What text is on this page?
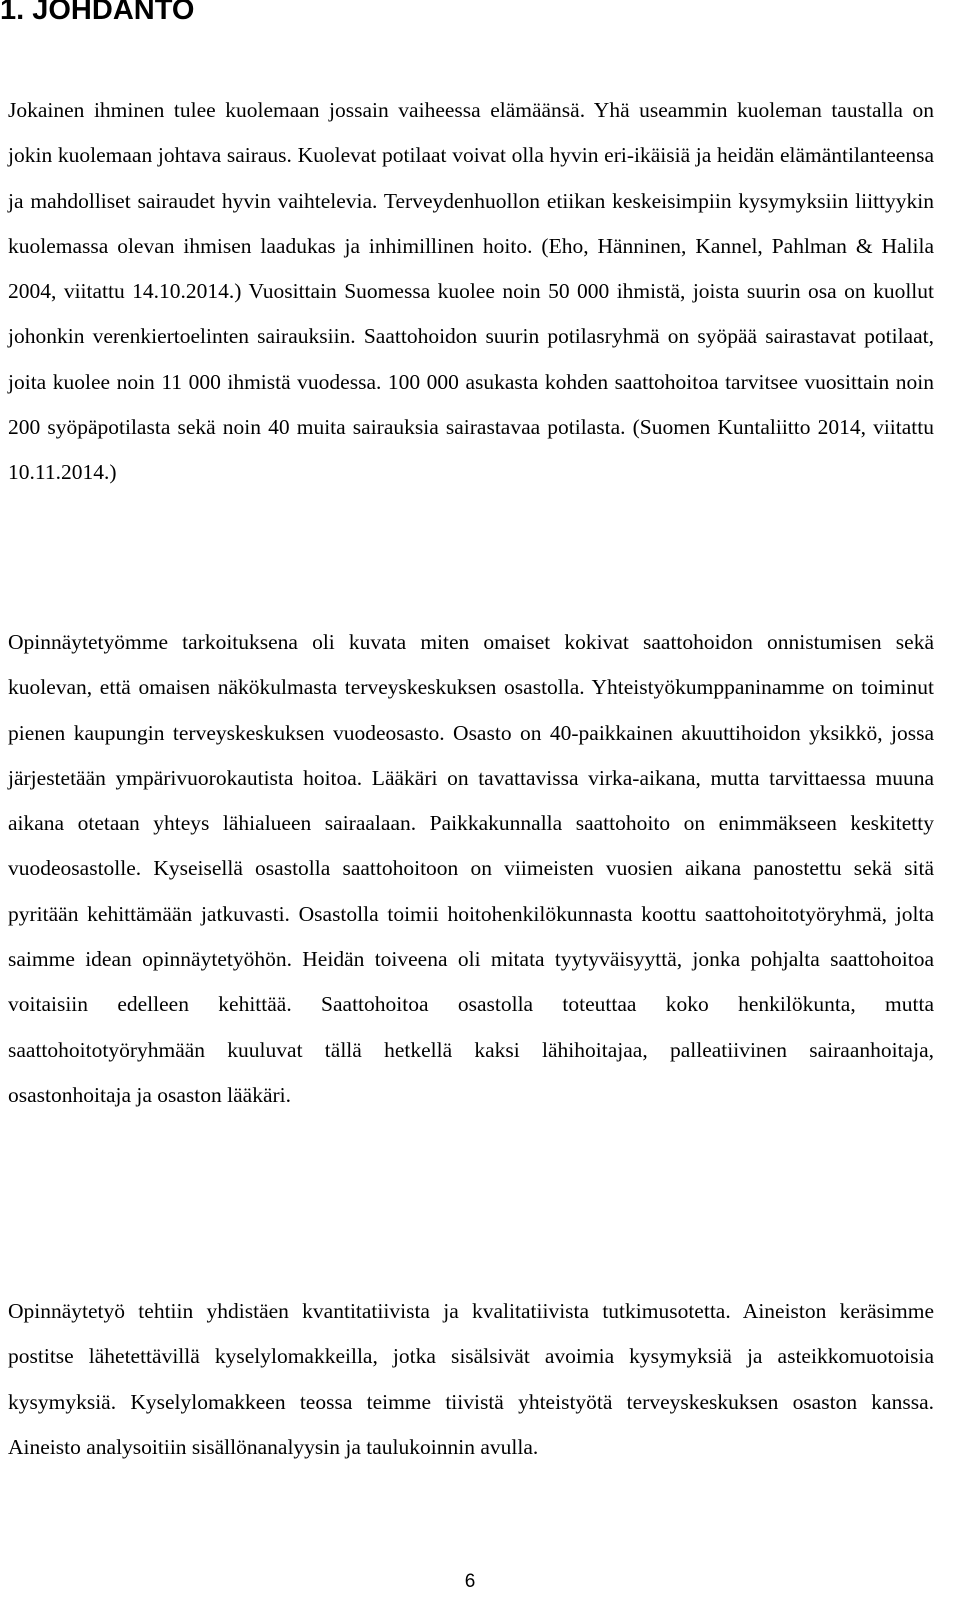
1. JOHDANTO

Jokainen ihminen tulee kuolemaan jossain vaiheessa elämäänsä. Yhä useammin kuoleman taustalla on jokin kuolemaan johtava sairaus. Kuolevat potilaat voivat olla hyvin eri-ikäisiä ja heidän elämäntilanteensa ja mahdolliset sairaudet hyvin vaihtelevia. Terveydenhuollon etiikan keskeisimpiin kysymyksiin liittyykin kuolemassa olevan ihmisen laadukas ja inhimillinen hoito. (Eho, Hänninen, Kannel, Pahlman & Halila 2004, viitattu 14.10.2014.) Vuosittain Suomessa kuolee noin 50 000 ihmistä, joista suurin osa on kuollut johonkin verenkiertoelinten sairauksiin. Saattohoidon suurin potilasryhmä on syöpää sairastavat potilaat, joita kuolee noin 11 000 ihmistä vuodessa. 100 000 asukasta kohden saattohoitoa tarvitsee vuosittain noin 200 syöpäpotilasta sekä noin 40 muita sairauksia sairastavaa potilasta. (Suomen Kuntaliitto 2014, viitattu 10.11.2014.)

Opinnäytetyömme tarkoituksena oli kuvata miten omaiset kokivat saattohoidon onnistumisen sekä kuolevan, että omaisen näkökulmasta terveyskeskuksen osastolla. Yhteistyökumppaninamme on toiminut pienen kaupungin terveyskeskuksen vuodeosasto. Osasto on 40-paikkainen akuuttihoidon yksikkö, jossa järjestetään ympärivuorokautista hoitoa. Lääkäri on tavattavissa virka-aikana, mutta tarvittaessa muuna aikana otetaan yhteys lähialueen sairaalaan. Paikkakunnalla saattohoito on enimmäkseen keskitetty vuodeosastolle. Kyseisellä osastolla saattohoitoon on viimeisten vuosien aikana panostettu sekä sitä pyritään kehittämään jatkuvasti. Osastolla toimii hoitohenkilökunnasta koottu saattohoitotyöryhmä, jolta saimme idean opinnäytetyöhön. Heidän toiveena oli mitata tyytyväisyyttä, jonka pohjalta saattohoitoa voitaisiin edelleen kehittää. Saattohoitoa osastolla toteuttaa koko henkilökunta, mutta saattohoitotyöryhmään kuuluvat tällä hetkellä kaksi lähihoitajaa, palleatiivinen sairaanhoitaja, osastonhoitaja ja osaston lääkäri.

Opinnäytetyö tehtiin yhdistäen kvantitatiivista ja kvalitatiivista tutkimusotetta. Aineiston keräsimme postitse lähetettävillä kyselylomakkeilla, jotka sisälsivät avoimia kysymyksiä ja asteikkomuotoisia kysymyksiä. Kyselylomakkeen teossa teimme tiivistä yhteistyötä terveyskeskuksen osaston kanssa. Aineisto analysoitiin sisällönanalyysin ja taulukoinnin avulla.

6
